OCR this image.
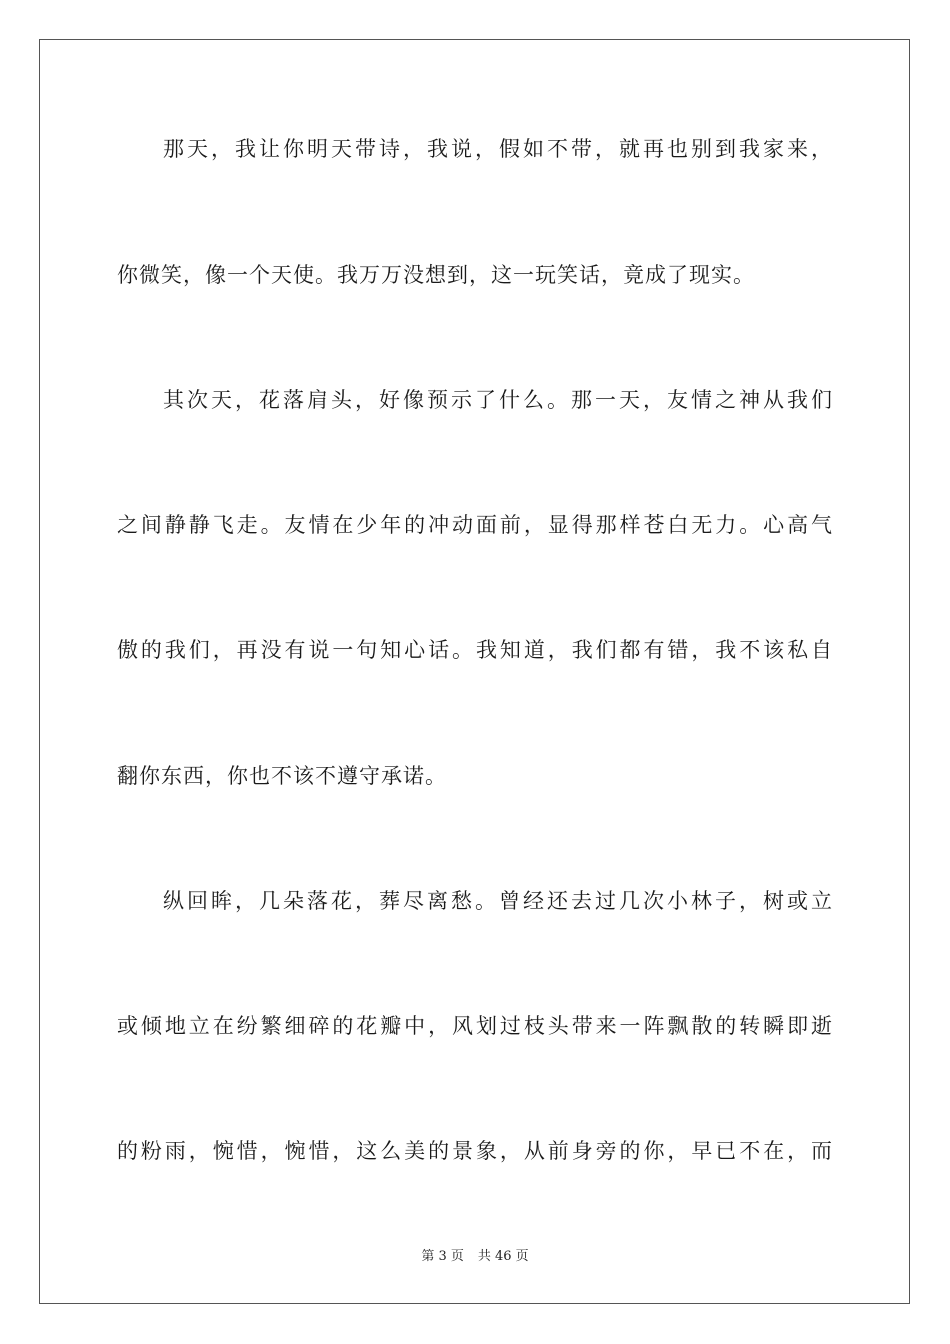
那天，我让你明天带诗，我说，假如不带，就再也别到我家来，
你微笑，像一个天使。我万万没想到，这一玩笑话，竟成了现实。
其次天，花落肩头，好像预示了什么。那一天，友情之神从我们
之间静静飞走。友情在少年的冲动面前，显得那样苍白无力。心高气
傲的我们，再没有说一句知心话。我知道，我们都有错，我不该私自
翻你东西，你也不该不遵守承诺。
纵回眸，几朵落花，葬尽离愁。曾经还去过几次小林子，树或立
或倾地立在纷繁细碎的花瓣中，风划过枝头带来一阵飘散的转瞬即逝
的粉雨，惋惜，惋惜，这么美的景象，从前身旁的你，早已不在，而
第 3 页 共 46 页
